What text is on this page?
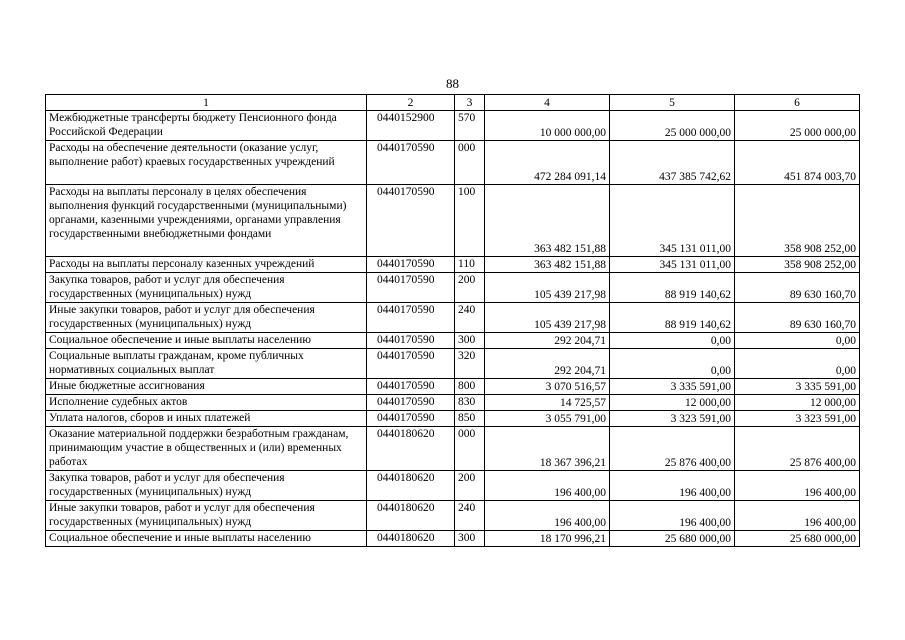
88
1	2	3	4	5	6
Межбюджетные трансферты бюджету Пенсионного фонда Российской Федерации	0440152900	570	10 000 000,00	25 000 000,00	25 000 000,00
Расходы на обеспечение деятельности (оказание услуг, выполнение работ) краевых государственных учреждений	0440170590	000	472 284 091,14	437 385 742,62	451 874 003,70
Расходы на выплаты персоналу в целях обеспечения выполнения функций государственными (муниципальными) органами, казенными учреждениями, органами управления государственными внебюджетными фондами	0440170590	100	363 482 151,88	345 131 011,00	358 908 252,00
Расходы на выплаты персоналу казенных учреждений	0440170590	110	363 482 151,88	345 131 011,00	358 908 252,00
Закупка товаров, работ и услуг для обеспечения государственных (муниципальных) нужд	0440170590	200	105 439 217,98	88 919 140,62	89 630 160,70
Иные закупки товаров, работ и услуг для обеспечения государственных (муниципальных) нужд	0440170590	240	105 439 217,98	88 919 140,62	89 630 160,70
Социальное обеспечение и иные выплаты населению	0440170590	300	292 204,71	0,00	0,00
Социальные выплаты гражданам, кроме публичных нормативных социальных выплат	0440170590	320	292 204,71	0,00	0,00
Иные бюджетные ассигнования	0440170590	800	3 070 516,57	3 335 591,00	3 335 591,00
Исполнение судебных актов	0440170590	830	14 725,57	12 000,00	12 000,00
Уплата налогов, сборов и иных платежей	0440170590	850	3 055 791,00	3 323 591,00	3 323 591,00
Оказание материальной поддержки безработным гражданам, принимающим участие в общественных и (или) временных работах	0440180620	000	18 367 396,21	25 876 400,00	25 876 400,00
Закупка товаров, работ и услуг для обеспечения государственных (муниципальных) нужд	0440180620	200	196 400,00	196 400,00	196 400,00
Иные закупки товаров, работ и услуг для обеспечения государственных (муниципальных) нужд	0440180620	240	196 400,00	196 400,00	196 400,00
Социальное обеспечение и иные выплаты населению	0440180620	300	18 170 996,21	25 680 000,00	25 680 000,00
